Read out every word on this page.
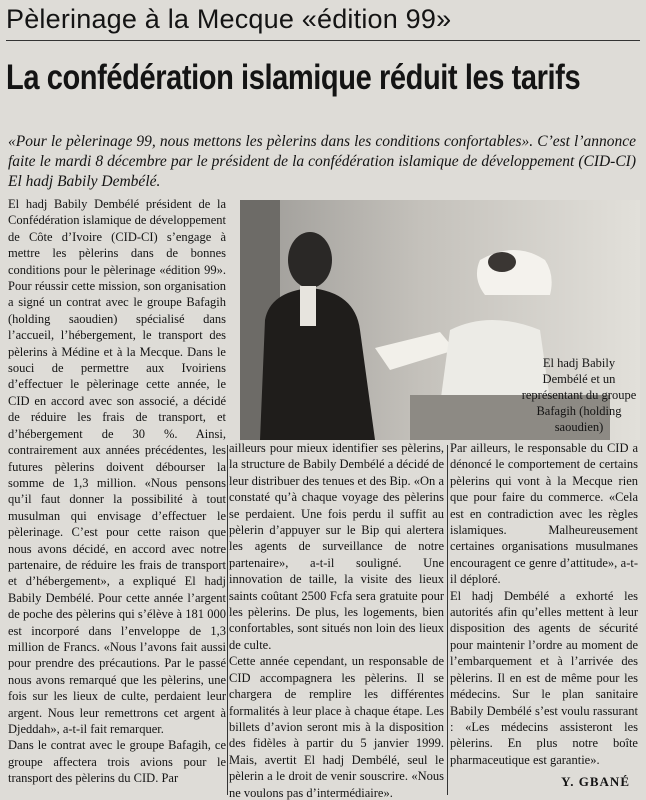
Pèlerinage à la Mecque «édition 99»
La confédération islamique réduit les tarifs
«Pour le pèlerinage 99, nous mettons les pèlerins dans les conditions confortables». C’est l’annonce faite le mardi 8 décembre par le président de la confédération islamique de développement (CID-CI) El hadj Babily Dembélé.
El hadj Babily Dembélé et un représentant du groupe Bafagih (holding saoudien)

El hadj Babily Dembélé président de la Confédération islamique de développement de Côte d’Ivoire (CID-CI) s’engage à mettre les pèlerins dans de bonnes conditions pour le pèlerinage «édition 99». Pour réussir cette mission, son organisation a signé un contrat avec le groupe Bafagih (holding saoudien) spécialisé dans l’accueil, l’hébergement, le transport des pèlerins à Médine et à la Mecque. Dans le souci de permettre aux Ivoiriens d’effectuer le pèlerinage cette année, le CID en accord avec son associé, a décidé de réduire les frais de transport, et d’hébergement de 30 %. Ainsi, contrairement aux années précédentes, les futures pèlerins doivent débourser la somme de 1,3 million. «Nous pensons qu’il faut donner la possibilité à tout musulman qui envisage d’effectuer le pèlerinage. C’est pour cette raison que nous avons décidé, en accord avec notre partenaire, de réduire les frais de transport et d’hébergement», a expliqué El hadj Babily Dembélé. Pour cette année l’argent de poche des pèlerins qui s’élève à 181 000 est incorporé dans l’enveloppe de 1,3 million de Francs. «Nous l’avons fait aussi pour prendre des précautions. Par le passé nous avons remarqué que les pèlerins, une fois sur les lieux de culte, perdaient leur argent. Nous leur remettrons cet argent à Djeddah», a-t-il fait remarquer.

Dans le contrat avec le groupe Bafagih, ce groupe affectera trois avions pour le transport des pèlerins du CID. Par

ailleurs pour mieux identifier ses pèlerins, la structure de Babily Dembélé a décidé de leur distribuer des tenues et des Bip. «On a constaté qu’à chaque voyage des pèlerins se perdaient. Une fois perdu il suffit au pèlerin d’appuyer sur le Bip qui alertera les agents de surveillance de notre partenaire», a-t-il souligné. Une innovation de taille, la visite des lieux saints coûtant 2500 Fcfa sera gratuite pour les pèlerins. De plus, les logements, bien confortables, sont situés non loin des lieux de culte.

Cette année cependant, un responsable de CID accompagnera les pèlerins. Il se chargera de remplire les différentes formalités à leur place à chaque étape. Les billets d’avion seront mis à la disposition des fidèles à partir du 5 janvier 1999. Mais, avertit El hadj Dembélé, seul le pèlerin a le droit de venir souscrire. «Nous ne voulons pas d’intermédiaire».

Par ailleurs, le responsable du CID a dénoncé le comportement de certains pèlerins qui vont à la Mecque rien que pour faire du commerce. «Cela est en contradiction avec les règles islamiques. Malheureusement certaines organisations musulmanes encouragent ce genre d’attitude», a-t-il déploré.

El hadj Dembélé a exhorté les autorités afin qu’elles mettent à leur disposition des agents de sécurité pour maintenir l’ordre au moment de l’embarquement et à l’arrivée des pèlerins. Il en est de même pour les médecins. Sur le plan sanitaire Babily Dembélé s’est voulu rassurant : «Les médecins assisteront les pèlerins. En plus notre boîte pharmaceutique est garantie».

Y. GBANÉ
